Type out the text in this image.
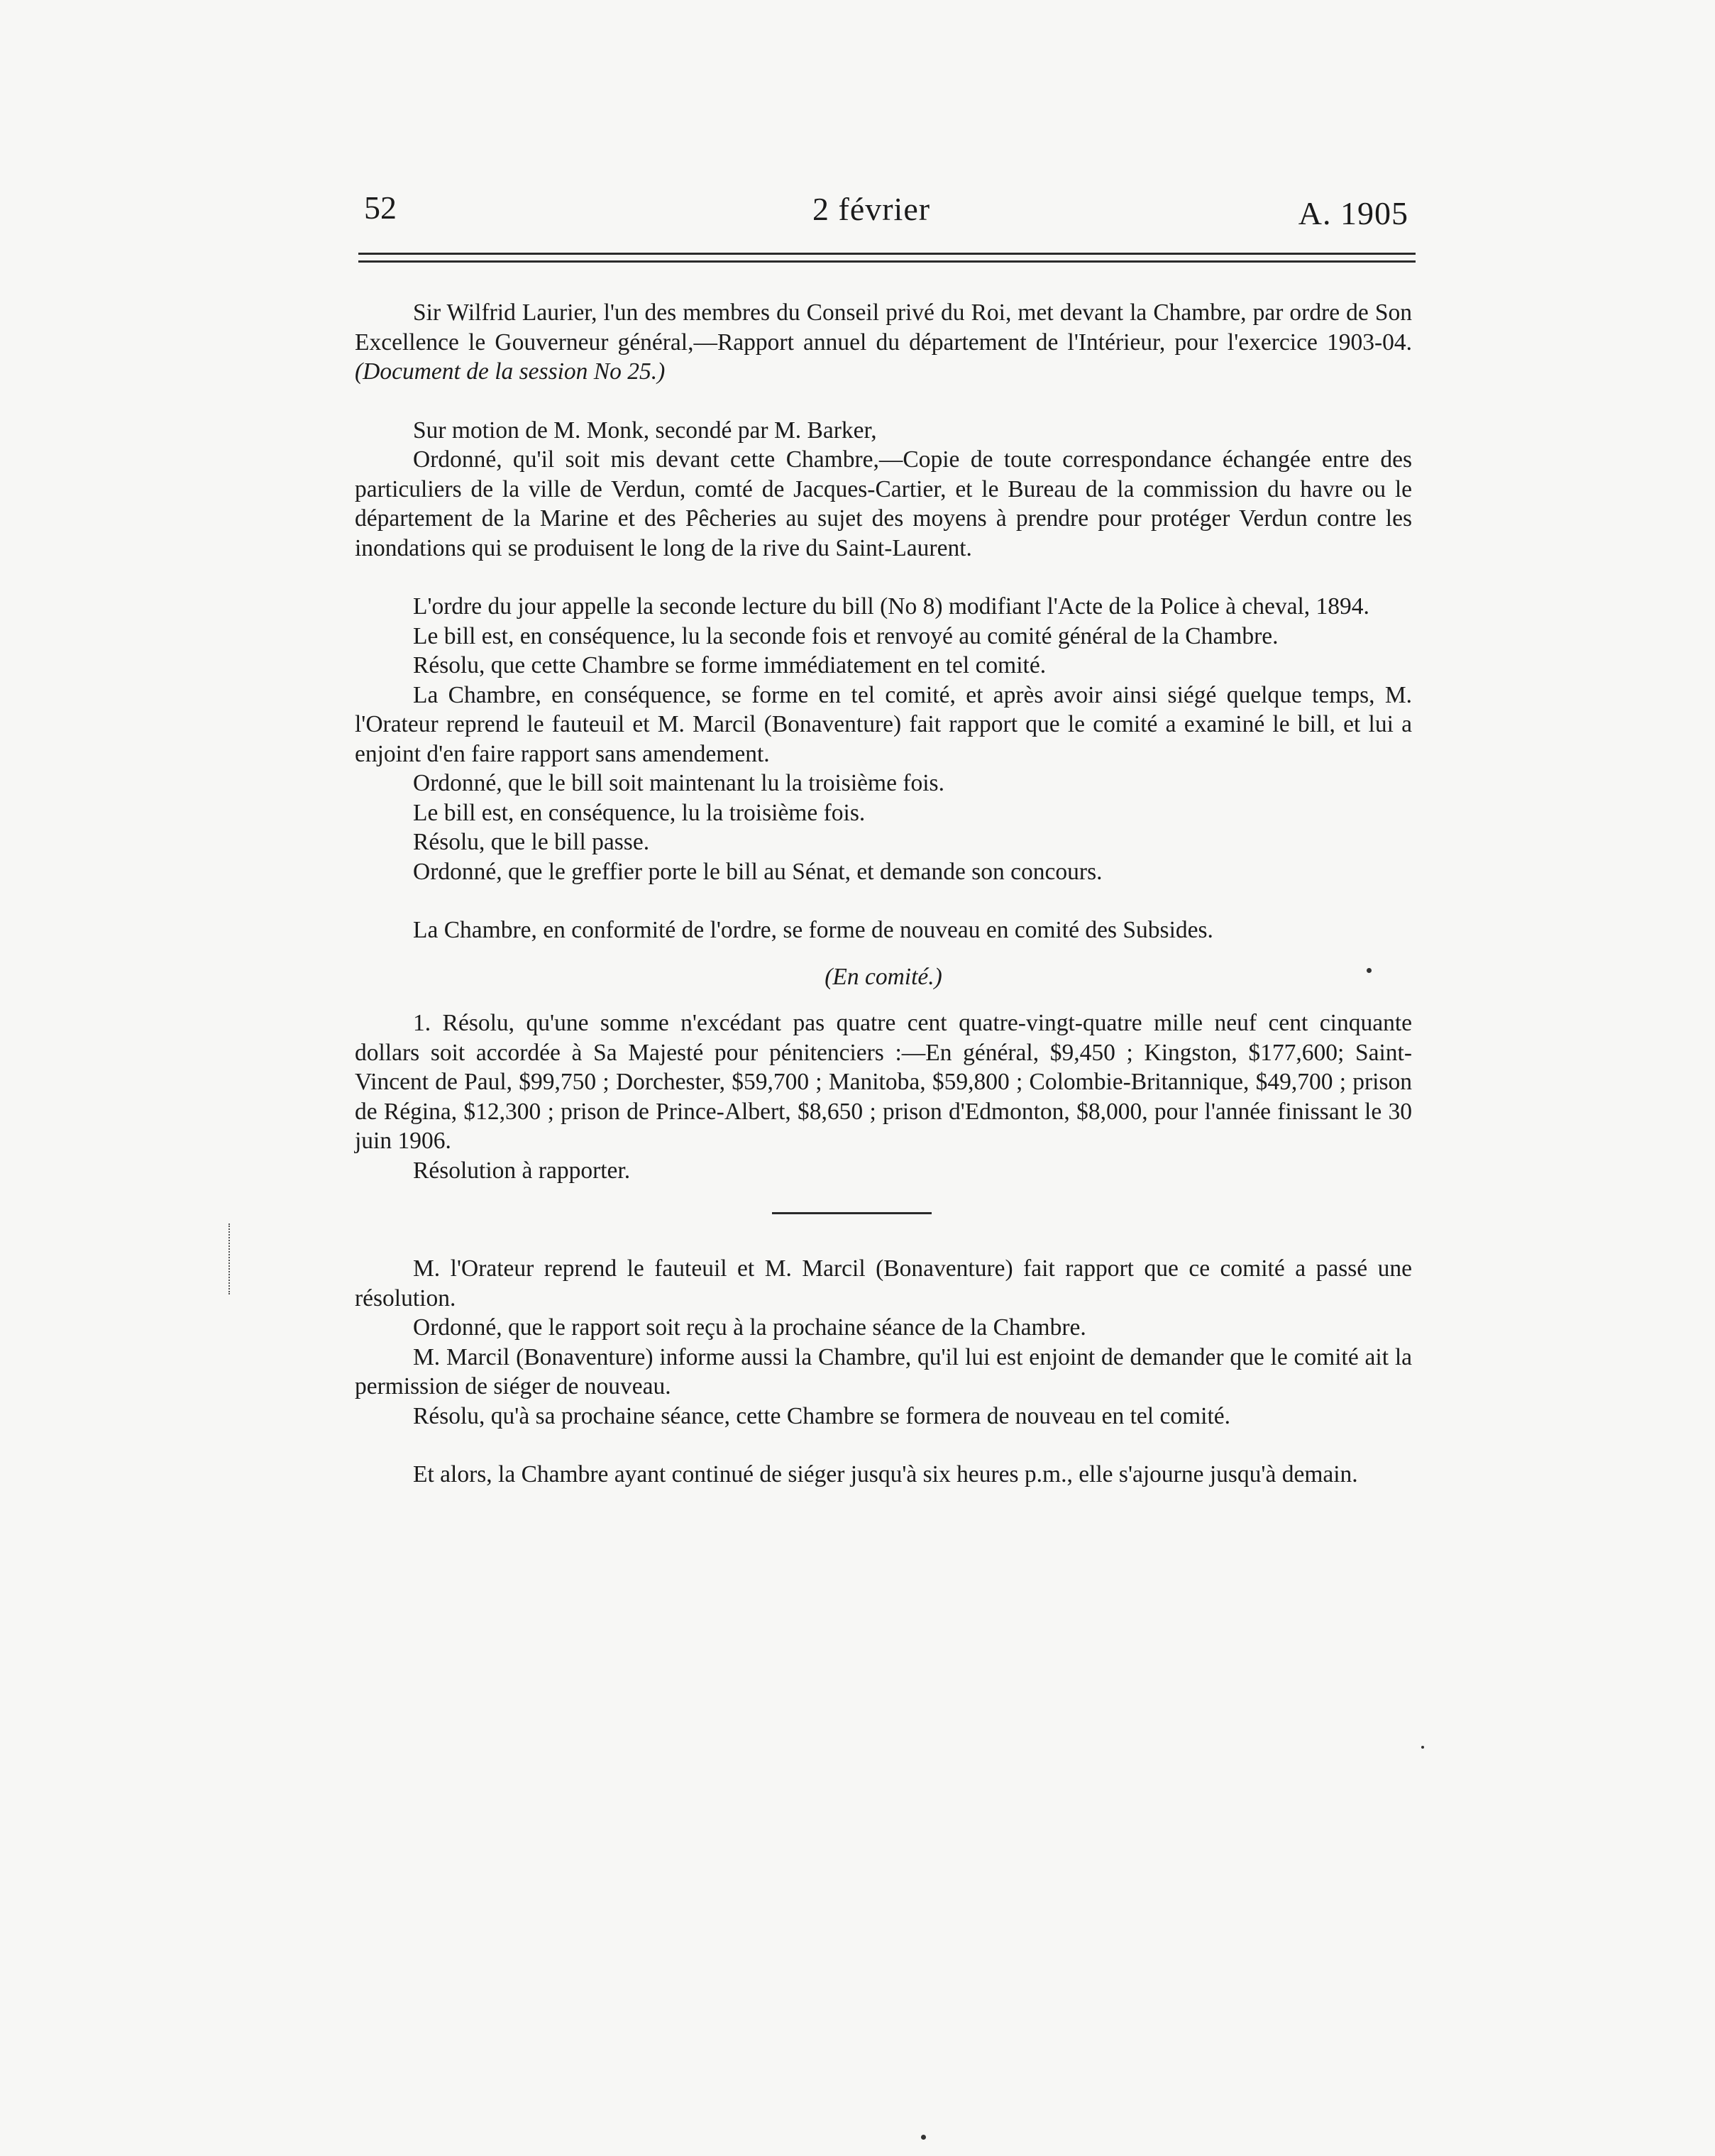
52	2 février	A. 1905

Sir Wilfrid Laurier, l'un des membres du Conseil privé du Roi, met devant la Chambre, par ordre de Son Excellence le Gouverneur général,—Rapport annuel du département de l'Intérieur, pour l'exercice 1903-04. (Document de la session No 25.)

Sur motion de M. Monk, secondé par M. Barker,

Ordonné, qu'il soit mis devant cette Chambre,—Copie de toute correspondance échangée entre des particuliers de la ville de Verdun, comté de Jacques-Cartier, et le Bureau de la commission du havre ou le département de la Marine et des Pêcheries au sujet des moyens à prendre pour protéger Verdun contre les inondations qui se produisent le long de la rive du Saint-Laurent.

L'ordre du jour appelle la seconde lecture du bill (No 8) modifiant l'Acte de la Police à cheval, 1894.

Le bill est, en conséquence, lu la seconde fois et renvoyé au comité général de la Chambre.

Résolu, que cette Chambre se forme immédiatement en tel comité.

La Chambre, en conséquence, se forme en tel comité, et après avoir ainsi siégé quelque temps, M. l'Orateur reprend le fauteuil et M. Marcil (Bonaventure) fait rapport que le comité a examiné le bill, et lui a enjoint d'en faire rapport sans amendement.

Ordonné, que le bill soit maintenant lu la troisième fois.

Le bill est, en conséquence, lu la troisième fois.

Résolu, que le bill passe.

Ordonné, que le greffier porte le bill au Sénat, et demande son concours.

La Chambre, en conformité de l'ordre, se forme de nouveau en comité des Subsides.

(En comité.)

1. Résolu, qu'une somme n'excédant pas quatre cent quatre-vingt-quatre mille neuf cent cinquante dollars soit accordée à Sa Majesté pour pénitenciers :—En général, $9,450 ; Kingston, $177,600; Saint-Vincent de Paul, $99,750 ; Dorchester, $59,700 ; Manitoba, $59,800 ; Colombie-Britannique, $49,700 ; prison de Régina, $12,300 ; prison de Prince-Albert, $8,650 ; prison d'Edmonton, $8,000, pour l'année finissant le 30 juin 1906.

Résolution à rapporter.

M. l'Orateur reprend le fauteuil et M. Marcil (Bonaventure) fait rapport que ce comité a passé une résolution.

Ordonné, que le rapport soit reçu à la prochaine séance de la Chambre.

M. Marcil (Bonaventure) informe aussi la Chambre, qu'il lui est enjoint de demander que le comité ait la permission de siéger de nouveau.

Résolu, qu'à sa prochaine séance, cette Chambre se formera de nouveau en tel comité.

Et alors, la Chambre ayant continué de siéger jusqu'à six heures p.m., elle s'ajourne jusqu'à demain.
